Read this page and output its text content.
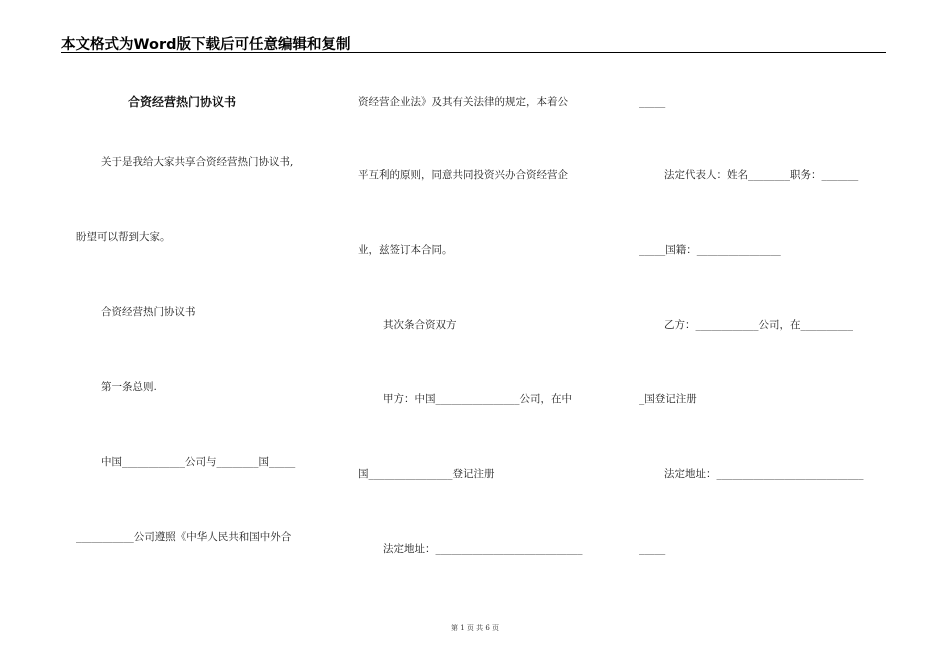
本文格式为Word版下载后可任意编辑和复制
合资经营热门协议书
关于是我给大家共享合资经营热门协议书,
盼望可以帮到大家。
合资经营热门协议书
第一条总则.
中国____________公司与________国_____
___________公司遵照《中华人民共和国中外合
资经营企业法》及其有关法律的规定，本着公
平互利的原则，同意共同投资兴办合资经营企
业，兹签订本合同。
其次条合资双方
甲方：中国________________公司，在中
国________________登记注册
法定地址：____________________________
_____
法定代表人：姓名________职务：_______
_____国籍：________________
乙方：____________公司，在__________
_国登记注册
法定地址：____________________________
_____
第 1 页 共 6 页
